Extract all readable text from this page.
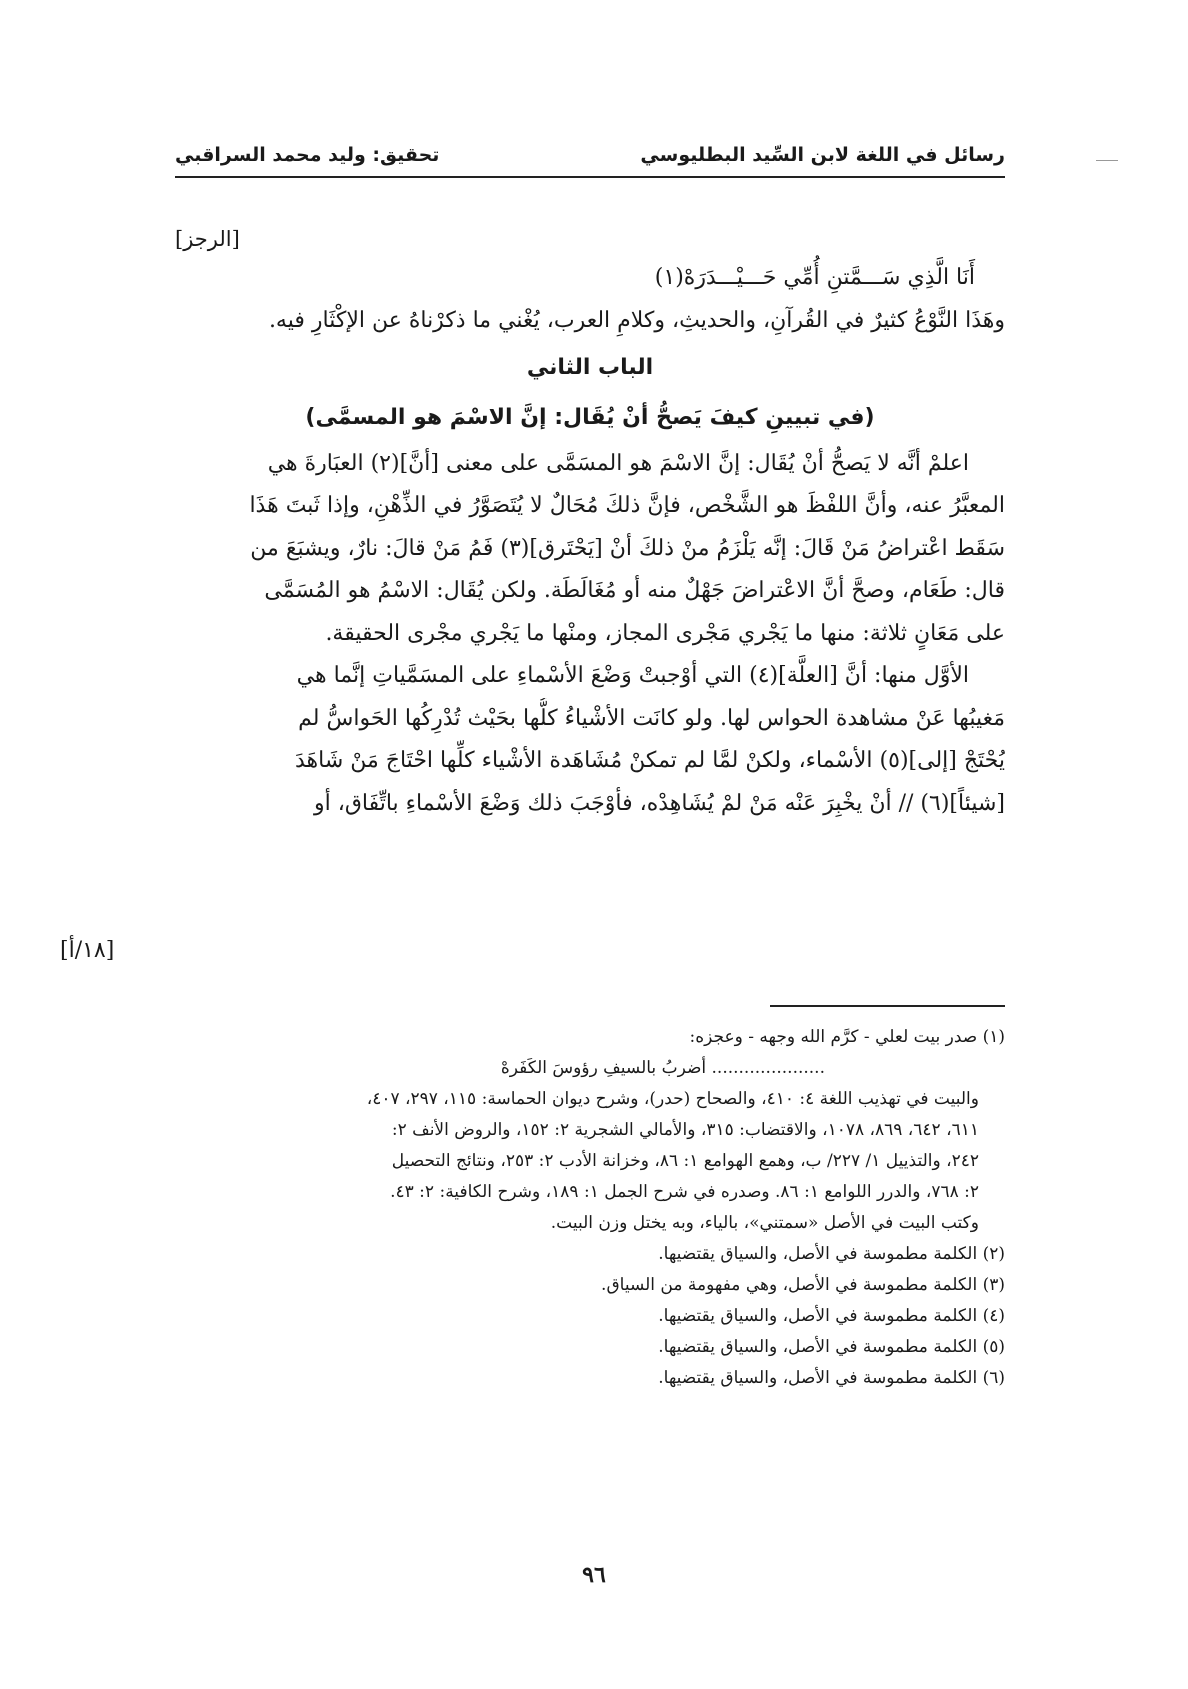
رسائل في اللغة لابن السِّيد البطليوسي
تحقيق: وليد محمد السراقبي
[الرجز]
أَنَا الَّذِي سَـــمَّتنِ أُمِّي حَـــيْـــدَرَهْ(١)
وهَذَا النَّوْعُ كثيرٌ في القُرآنِ، والحديثِ، وكلامِ العرب، يُغْني ما ذكرْناهُ عن الإكْثَارِ فيه.
الباب الثاني
(في تبيينِ كيفَ يَصحُّ أنْ يُقَال: إنَّ الاسْمَ هو المسمَّى)
اعلمْ أنَّه لا يَصحُّ أنْ يُقَال: إنَّ الاسْمَ هو المسَمَّى على معنى [أنَّ](٢) العبَارةَ هي
المعبَّرُ عنه، وأنَّ اللفْظَ هو الشَّخْص، فإنَّ ذلكَ مُحَالٌ لا يُتَصَوَّرُ في الذِّهْنِ، وإذا ثَبتَ هَذَا
سَقَط اعْتراضُ مَنْ قَالَ: إنَّه يَلْزَمُ منْ ذلكَ أنْ [يَحْتَرق](٣) فَمُ مَنْ قالَ: نارٌ، ويشبَعَ من
قال: طَعَام، وصحَّ أنَّ الاعْتراضَ جَهْلٌ منه أو مُغَالَطَة. ولكن يُقَال: الاسْمُ هو المُسَمَّى
على مَعَانٍ ثلاثة: منها ما يَجْري مَجْرى المجاز، ومنْها ما يَجْري مجْرى الحقيقة.
الأوَّل منها: أنَّ [العلَّة](٤) التي أوْجبتْ وَضْعَ الأسْماءِ على المسَمَّياتِ إنَّما هي
مَغيبُها عَنْ مشاهدة الحواس لها. ولو كانَت الأشْياءُ كلُّها بحَيْث تُدْرِكُها الحَواسُّ لم
يُحْتَجْ [إلى](٥) الأسْماء، ولكنْ لمَّا لم تمكنْ مُشَاهَدة الأشْياء كلِّها احْتَاجَ مَنْ شَاهَدَ
[شيئاً](٦) // أنْ يخْبِرَ عَنْه مَنْ لمْ يُشَاهِدْه، فأوْجَبَ ذلك وَضْعَ الأسْماءِ باتِّفَاق، أو
[١٨/أ]
(١) صدر بيت لعلي - كرَّم الله وجهه - وعجزه:
..................... أضربُ بالسيفِ رؤوسَ الكَفَرهْ
والبيت في تهذيب اللغة ٤: ٤١٠، والصحاح (حدر)، وشرح ديوان الحماسة: ١١٥، ٢٩٧، ٤٠٧،
٦١١، ٦٤٢، ٨٦٩، ١٠٧٨، والاقتضاب: ٣١٥، والأمالي الشجرية ٢: ١٥٢، والروض الأنف ٢:
٢٤٢، والتذييل ١/ ٢٢٧/ ب، وهمع الهوامع ١: ٨٦، وخزانة الأدب ٢: ٢٥٣، ونتائج التحصيل
٢: ٧٦٨، والدرر اللوامع ١: ٨٦. وصدره في شرح الجمل ١: ١٨٩، وشرح الكافية: ٢: ٤٣.
وكتب البيت في الأصل «سمتني»، بالياء، وبه يختل وزن البيت.
(٢) الكلمة مطموسة في الأصل، والسياق يقتضيها.
(٣) الكلمة مطموسة في الأصل، وهي مفهومة من السياق.
(٤) الكلمة مطموسة في الأصل، والسياق يقتضيها.
(٥) الكلمة مطموسة في الأصل، والسياق يقتضيها.
(٦) الكلمة مطموسة في الأصل، والسياق يقتضيها.
٩٦
